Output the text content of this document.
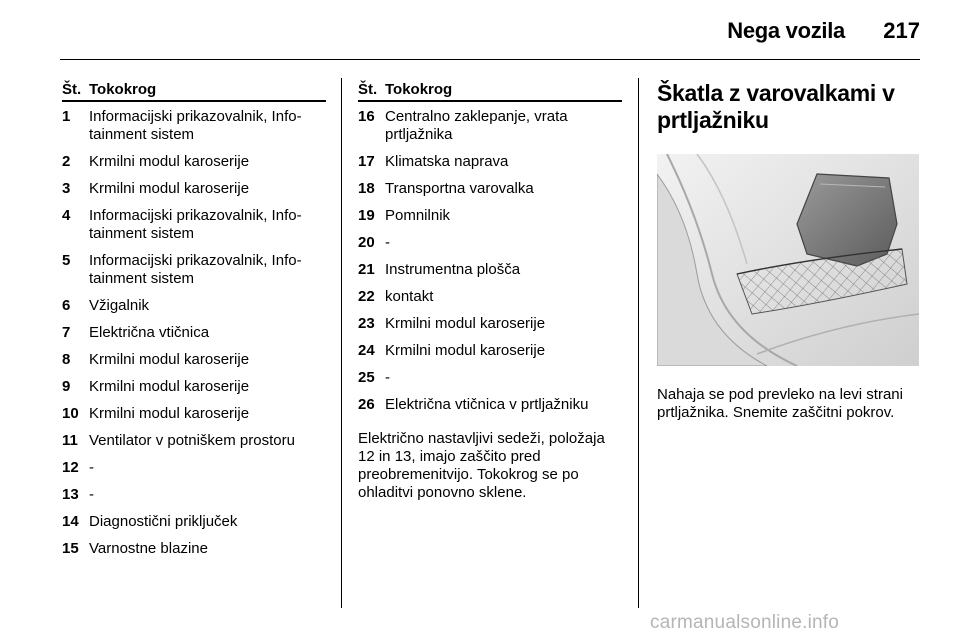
Nega vozila	217
Št. Tokokrog
1	Informacijski prikazovalnik, Info-tainment sistem
2	Krmilni modul karoserije
3	Krmilni modul karoserije
4	Informacijski prikazovalnik, Info-tainment sistem
5	Informacijski prikazovalnik, Info-tainment sistem
6	Vžigalnik
7	Električna vtičnica
8	Krmilni modul karoserije
9	Krmilni modul karoserije
10 Krmilni modul karoserije
11 Ventilator v potniškem prostoru
12 -
13 -
14 Diagnostični priključek
15 Varnostne blazine
Št. Tokokrog
16 Centralno zaklepanje, vrata prtljažnika
17 Klimatska naprava
18 Transportna varovalka
19 Pomnilnik
20 -
21 Instrumentna plošča
22 kontakt
23 Krmilni modul karoserije
24 Krmilni modul karoserije
25 -
26 Električna vtičnica v prtljažniku
Električno nastavljivi sedeži, položaja 12 in 13, imajo zaščito pred preobremenitvijo. Tokokrog se po ohladitvi ponovno sklene.
Škatla z varovalkami v prtljažniku
Nahaja se pod prevleko na levi strani prtljažnika. Snemite zaščitni pokrov.
carmanualsonline.info
